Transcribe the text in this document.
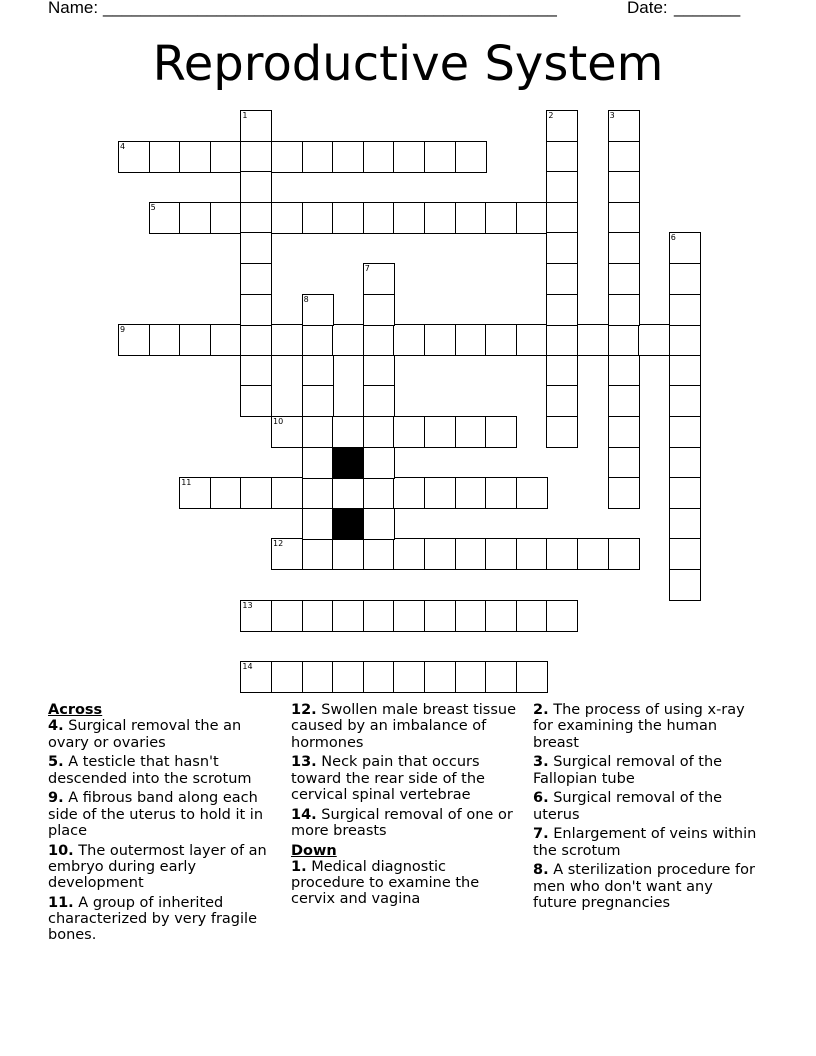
Name: ________________________________________________	Date: _______
Reproductive System
4
5
9
10
11
12
13
14
1	2	3
6
7
8
Across
4. Surgical removal the an ovary or ovaries
5. A testicle that hasn't descended into the scrotum
9. A fibrous band along each side of the uterus to hold it in place
10. The outermost layer of an embryo during early development
11. A group of inherited characterized by very fragile bones.
12. Swollen male breast tissue caused by an imbalance of hormones
13. Neck pain that occurs toward the rear side of the cervical spinal vertebrae
14. Surgical removal of one or more breasts
Down
1. Medical diagnostic procedure to examine the cervix and vagina
2. The process of using x-ray for examining the human breast
3. Surgical removal of the Fallopian tube
6. Surgical removal of the uterus
7. Enlargement of veins within the scrotum
8. A sterilization procedure for men who don't want any future pregnancies
